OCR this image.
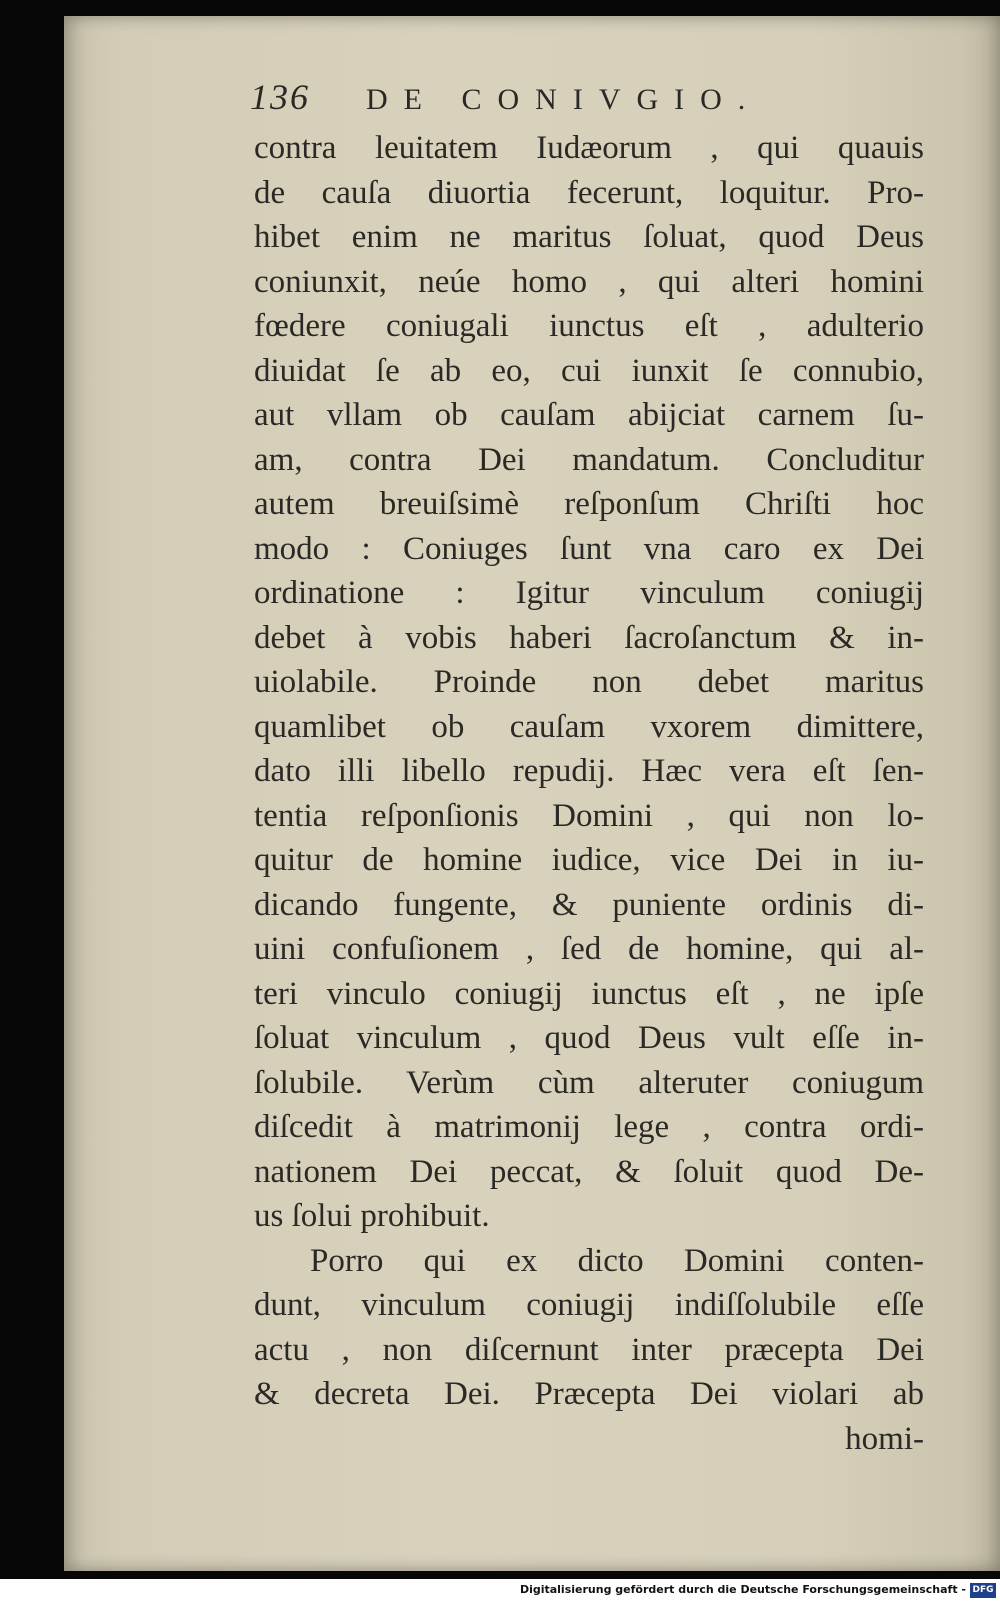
136 DE CONIVGIO.
contra leuitatem Iudæorum , qui quauis
de cauſa diuortia fecerunt, loquitur. Pro-
hibet enim ne maritus ſoluat, quod Deus
coniunxit, neúe homo , qui alteri homini
fœdere coniugali iunctus eſt , adulterio
diuidat ſe ab eo, cui iunxit ſe connubio,
aut vllam ob cauſam abijciat carnem ſu-
am, contra Dei mandatum. Concluditur
autem breuiſsimè reſponſum Chriſti hoc
modo : Coniuges ſunt vna caro ex Dei
ordinatione : Igitur vinculum coniugij
debet à vobis haberi ſacroſanctum & in-
uiolabile. Proinde non debet maritus
quamlibet ob cauſam vxorem dimittere,
dato illi libello repudij. Hæc vera eſt ſen-
tentia reſponſionis Domini , qui non lo-
quitur de homine iudice, vice Dei in iu-
dicando fungente, & puniente ordinis di-
uini confuſionem , ſed de homine, qui al-
teri vinculo coniugij iunctus eſt , ne ipſe
ſoluat vinculum , quod Deus vult eſſe in-
ſolubile. Verùm cùm alteruter coniugum
diſcedit à matrimonij lege , contra ordi-
nationem Dei peccat, & ſoluit quod De-
us ſolui prohibuit.
Porro qui ex dicto Domini conten-
dunt, vinculum coniugij indiſſolubile eſſe
actu , non diſcernunt inter præcepta Dei
& decreta Dei. Præcepta Dei violari ab
homi-
Digitalisierung gefördert durch die Deutsche Forschungsgemeinschaft - DFG
